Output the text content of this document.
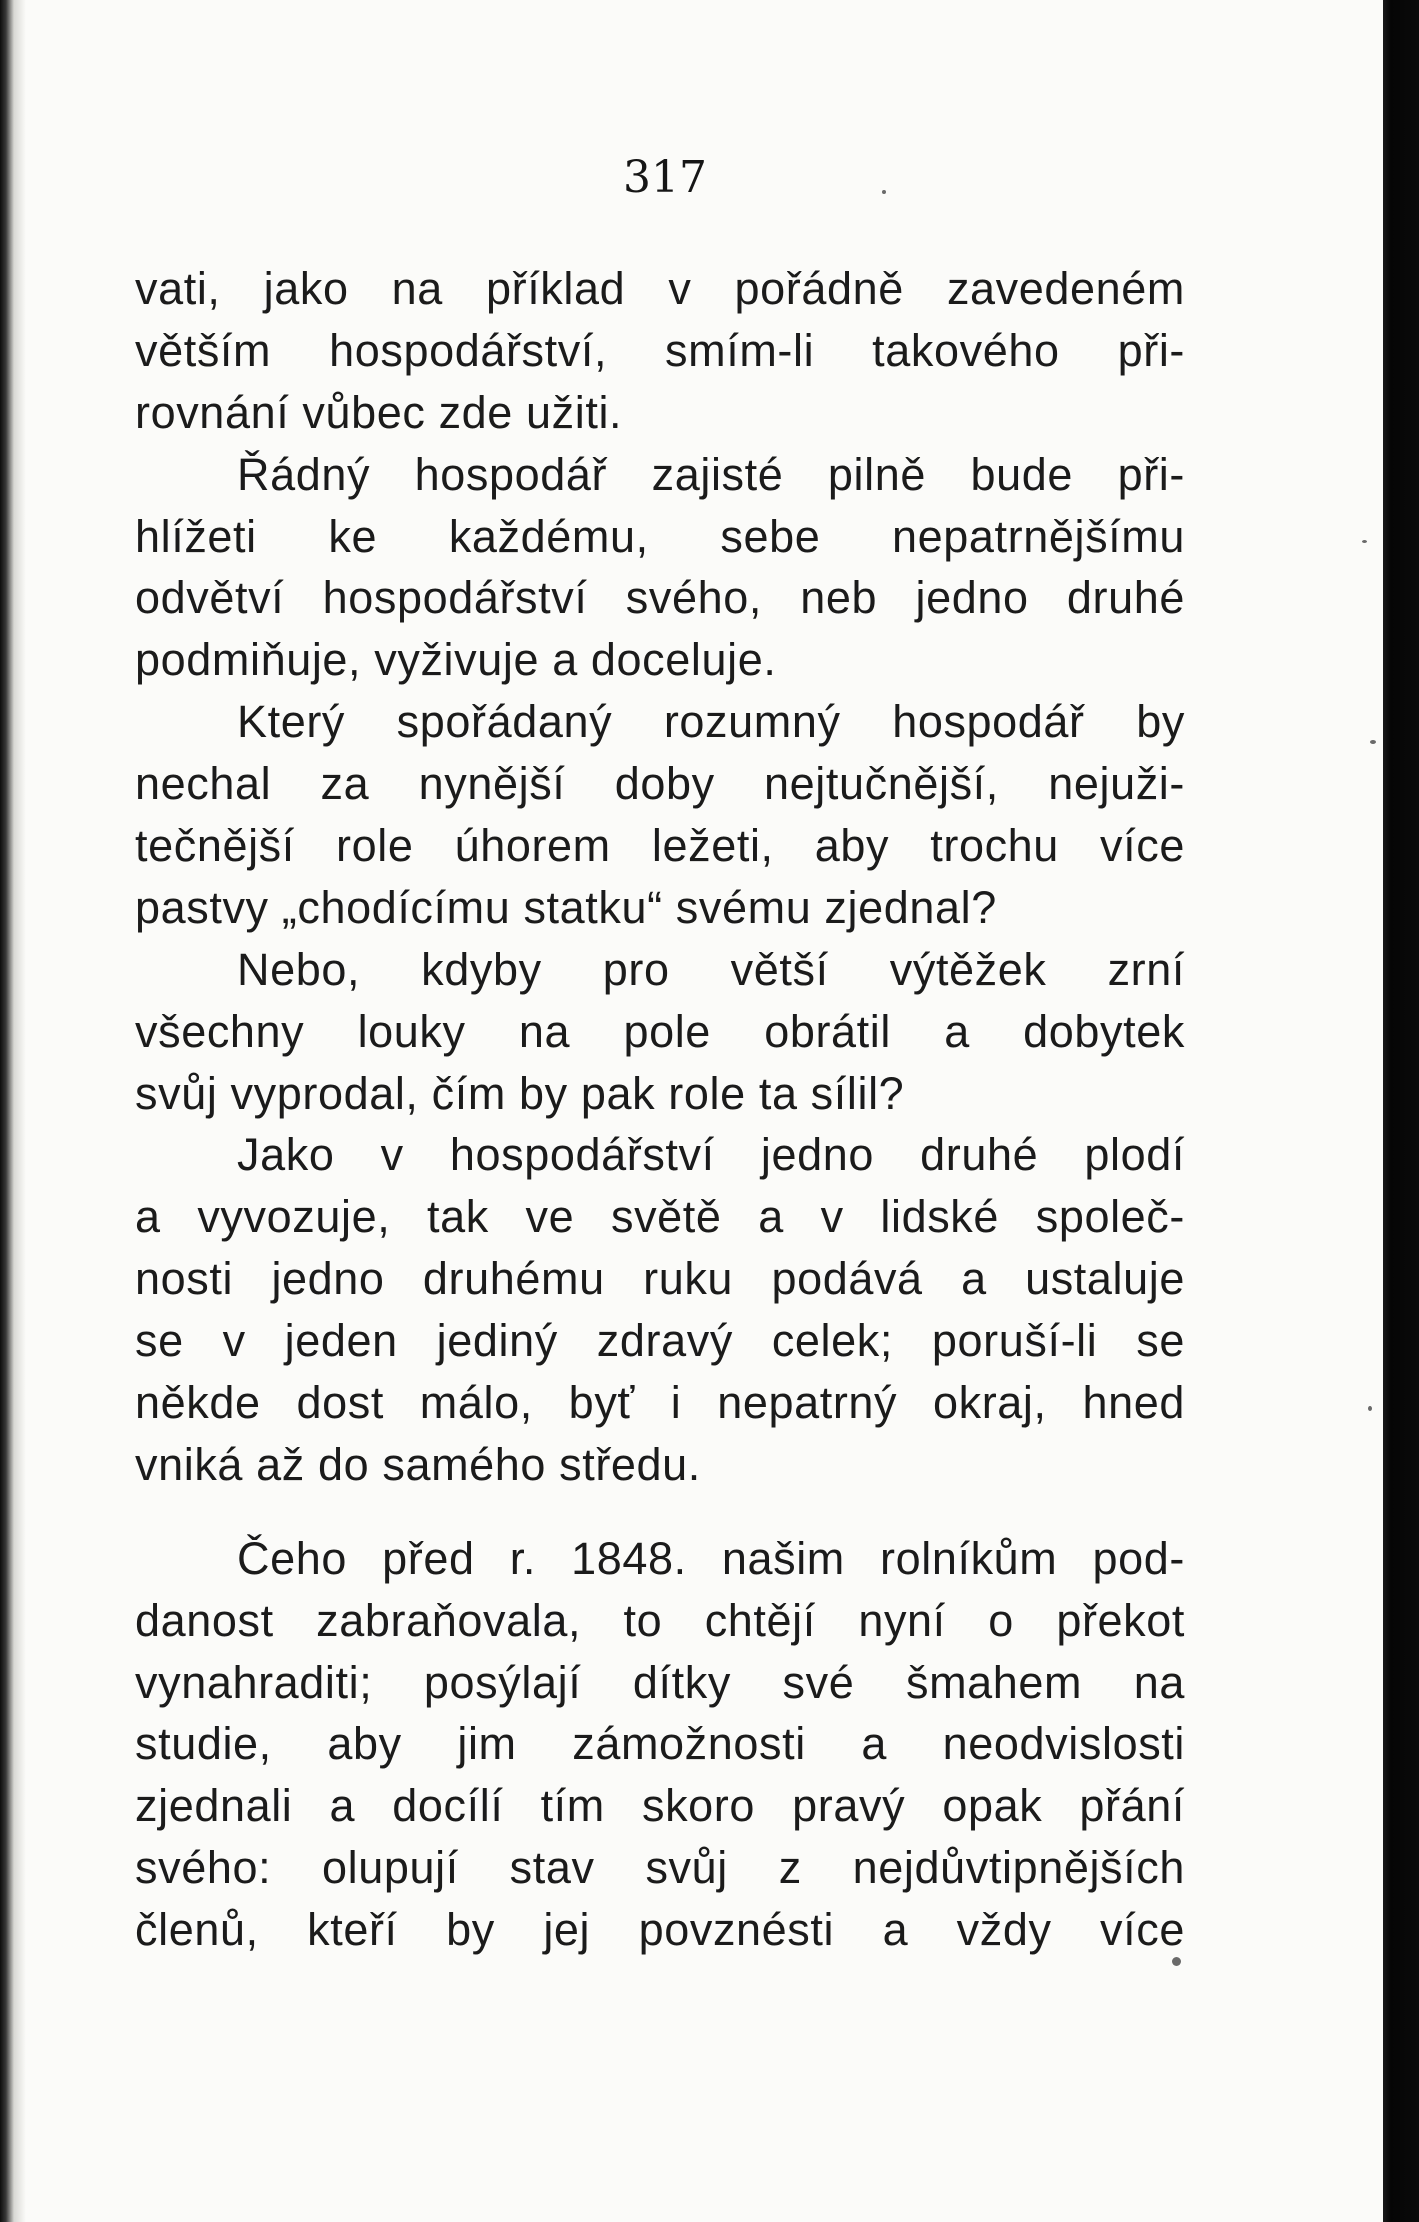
317
vati, jako na příklad v pořádně zavedeném
větším hospodářství, smím-li takového při-
rovnání vůbec zde užiti.
Řádný hospodář zajisté pilně bude při-
hlížeti ke každému, sebe nepatrnějšímu
odvětví hospodářství svého, neb jedno druhé
podmiňuje, vyživuje a doceluje.
Který spořádaný rozumný hospodář by
nechal za nynější doby nejtučnější, nejuži-
tečnější role úhorem ležeti, aby trochu více
pastvy „chodícímu statku“ svému zjednal?
Nebo, kdyby pro větší výtěžek zrní
všechny louky na pole obrátil a dobytek
svůj vyprodal, čím by pak role ta sílil?
Jako v hospodářství jedno druhé plodí
a vyvozuje, tak ve světě a v lidské společ-
nosti jedno druhému ruku podává a ustaluje
se v jeden jediný zdravý celek; poruší-li se
někde dost málo, byť i nepatrný okraj, hned
vniká až do samého středu.
Čeho před r. 1848. našim rolníkům pod-
danost zabraňovala, to chtějí nyní o překot
vynahraditi; posýlají dítky své šmahem na
studie, aby jim zámožnosti a neodvislosti
zjednali a docílí tím skoro pravý opak přání
svého: olupují stav svůj z nejdůvtipnějších
členů, kteří by jej povznésti a vždy více
